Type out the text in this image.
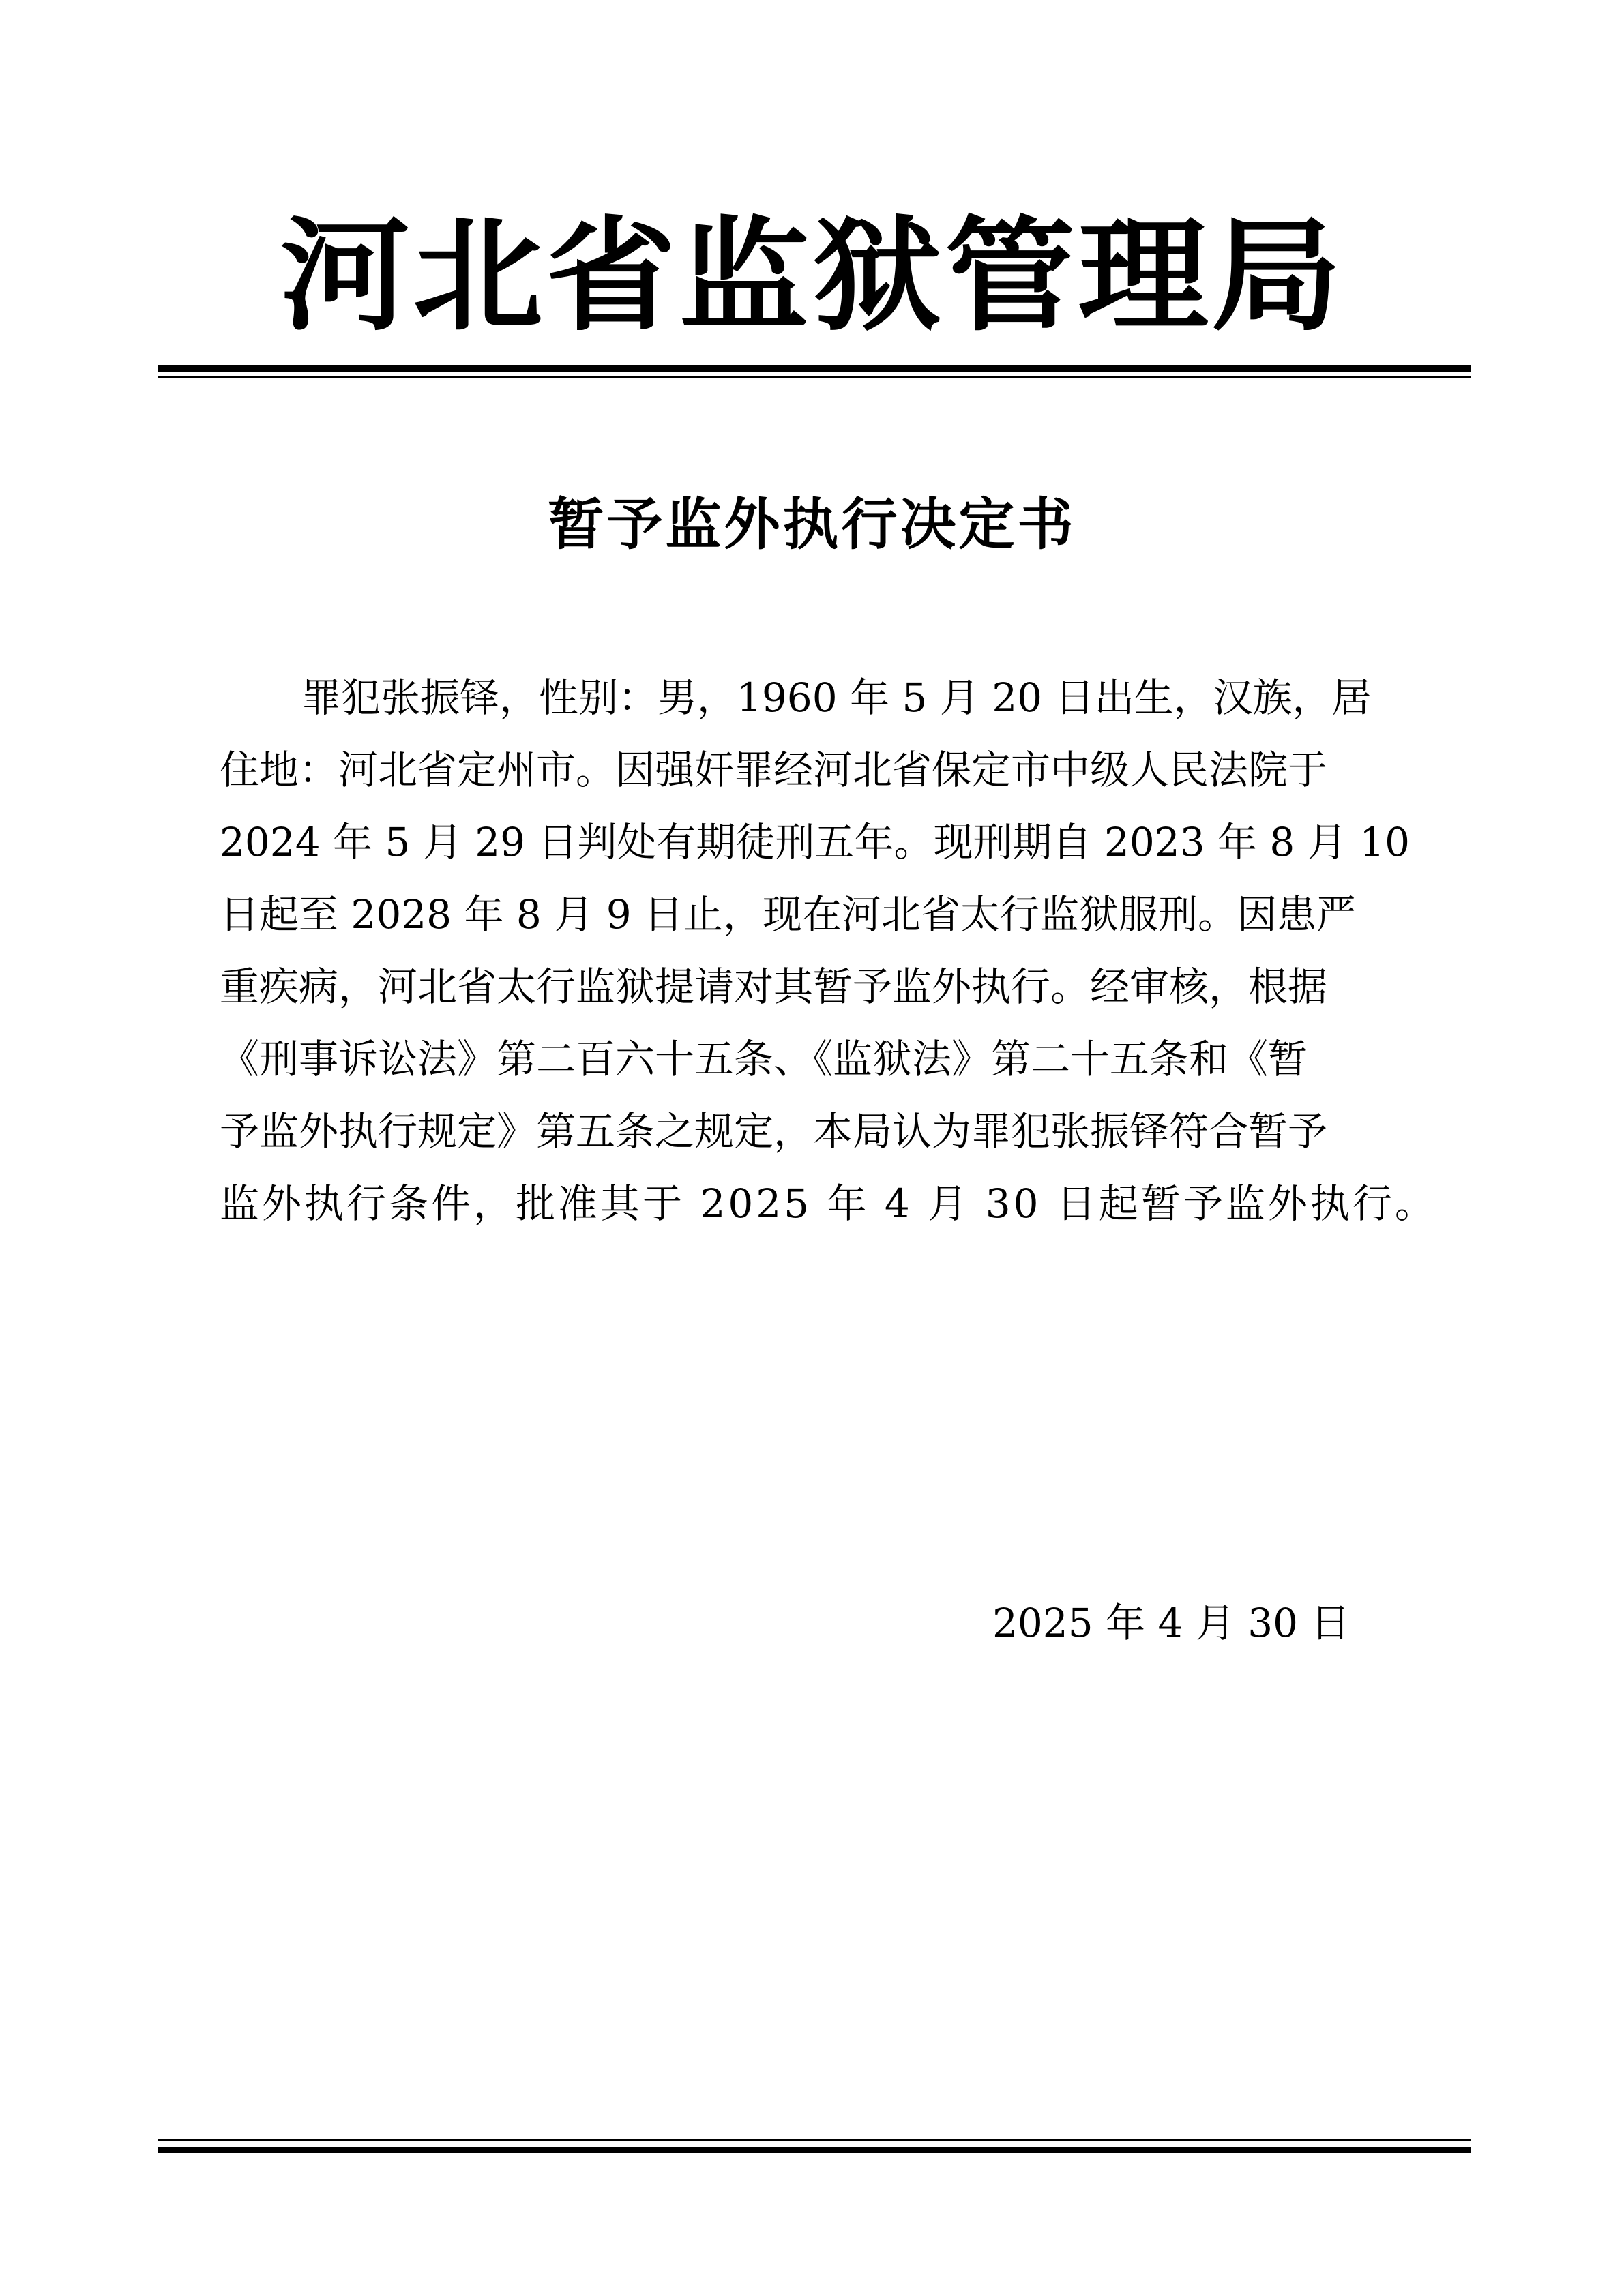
河北省监狱管理局
暂予监外执行决定书
罪犯张振铎，性别：男，1960 年 5 月 20 日出生，汉族，居
住地：河北省定州市。因强奸罪经河北省保定市中级人民法院于
2024 年 5 月 29 日判处有期徒刑五年。现刑期自 2023 年 8 月 10
日起至 2028 年 8 月 9 日止，现在河北省太行监狱服刑。因患严
重疾病，河北省太行监狱提请对其暂予监外执行。经审核，根据
《刑事诉讼法》第二百六十五条、《监狱法》第二十五条和《暂
予监外执行规定》第五条之规定，本局认为罪犯张振铎符合暂予
监外执行条件，批准其于 2025 年 4 月 30 日起暂予监外执行。
2025 年 4 月 30 日
